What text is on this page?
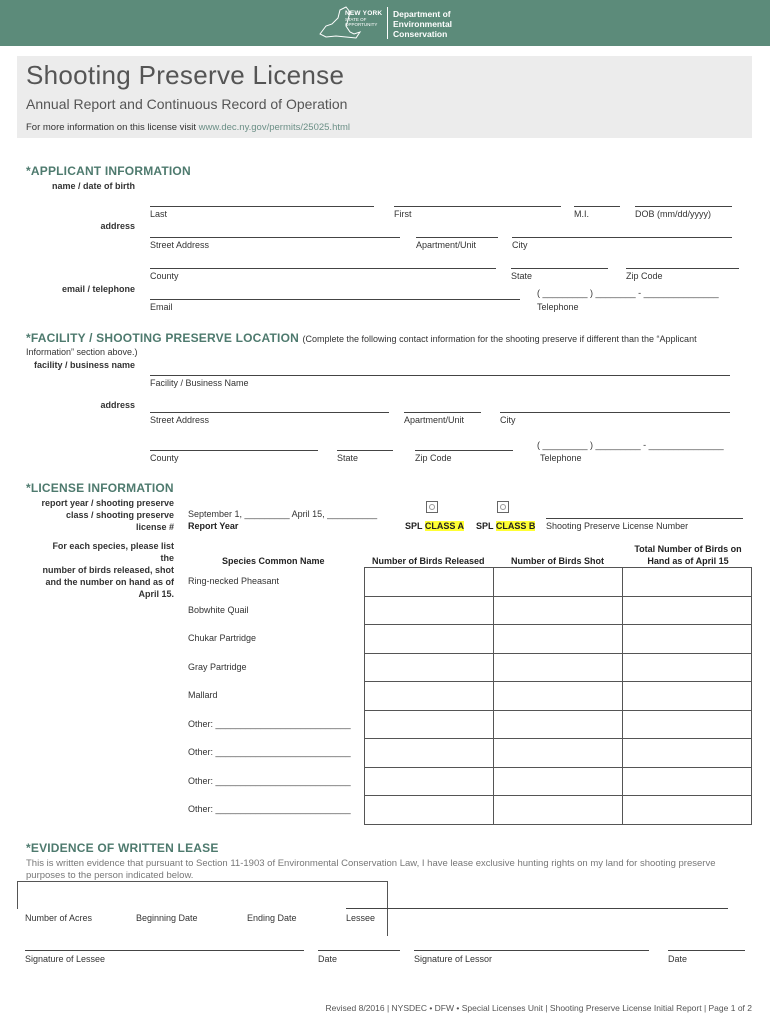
NEW YORK
STATE OF
OPPORTUNITY
Department of
Environmental
Conservation
Shooting Preserve License
Annual Report and Continuous Record of Operation
For more information on this license visit www.dec.ny.gov/permits/25025.html
*APPLICANT INFORMATION
name / date of birth
Last	First	M.I.	DOB (mm/dd/yyyy)
address
Street Address	Apartment/Unit	City
County	State	Zip Code
email / telephone	( _________ ) ________ - _______________
Email	Telephone
*FACILITY / SHOOTING PRESERVE LOCATION (Complete the following contact information for the shooting preserve if different than the “Applicant
Information” section above.)
facility / business name
Facility / Business Name
address
Street Address	Apartment/Unit	City
( _________ ) _________ - _______________
County	State	Zip Code	Telephone
*LICENSE INFORMATION
report year / shooting preserve
class / shooting preserve license #
September 1, _________ April 15, __________
Report Year	SPL CLASS A SPL CLASS B Shooting Preserve License Number
For each species, please list the
number of birds released, shot
and the number on hand as of
April 15.
Species Common Name	Number of Birds Released	Number of Birds Shot
Total Number of Birds on
Hand as of April 15

Ring-necked Pheasant
Bobwhite Quail
Chukar Partridge
Gray Partridge
Mallard
Other: ___________________________
Other: ___________________________
Other: ___________________________
Other: ___________________________
*EVIDENCE OF WRITTEN LEASE
This is written evidence that pursuant to Section 11-1903 of Environmental Conservation Law, I have lease exclusive hunting rights on my land for shooting preserve
purposes to the person indicated below.
Number of Acres	Beginning Date	Ending Date	Lessee
Signature of Lessee	Date	Signature of Lessor	Date
Revised 8/2016 | NYSDEC • DFW • Special Licenses Unit | Shooting Preserve License Initial Report | Page 1 of 2
